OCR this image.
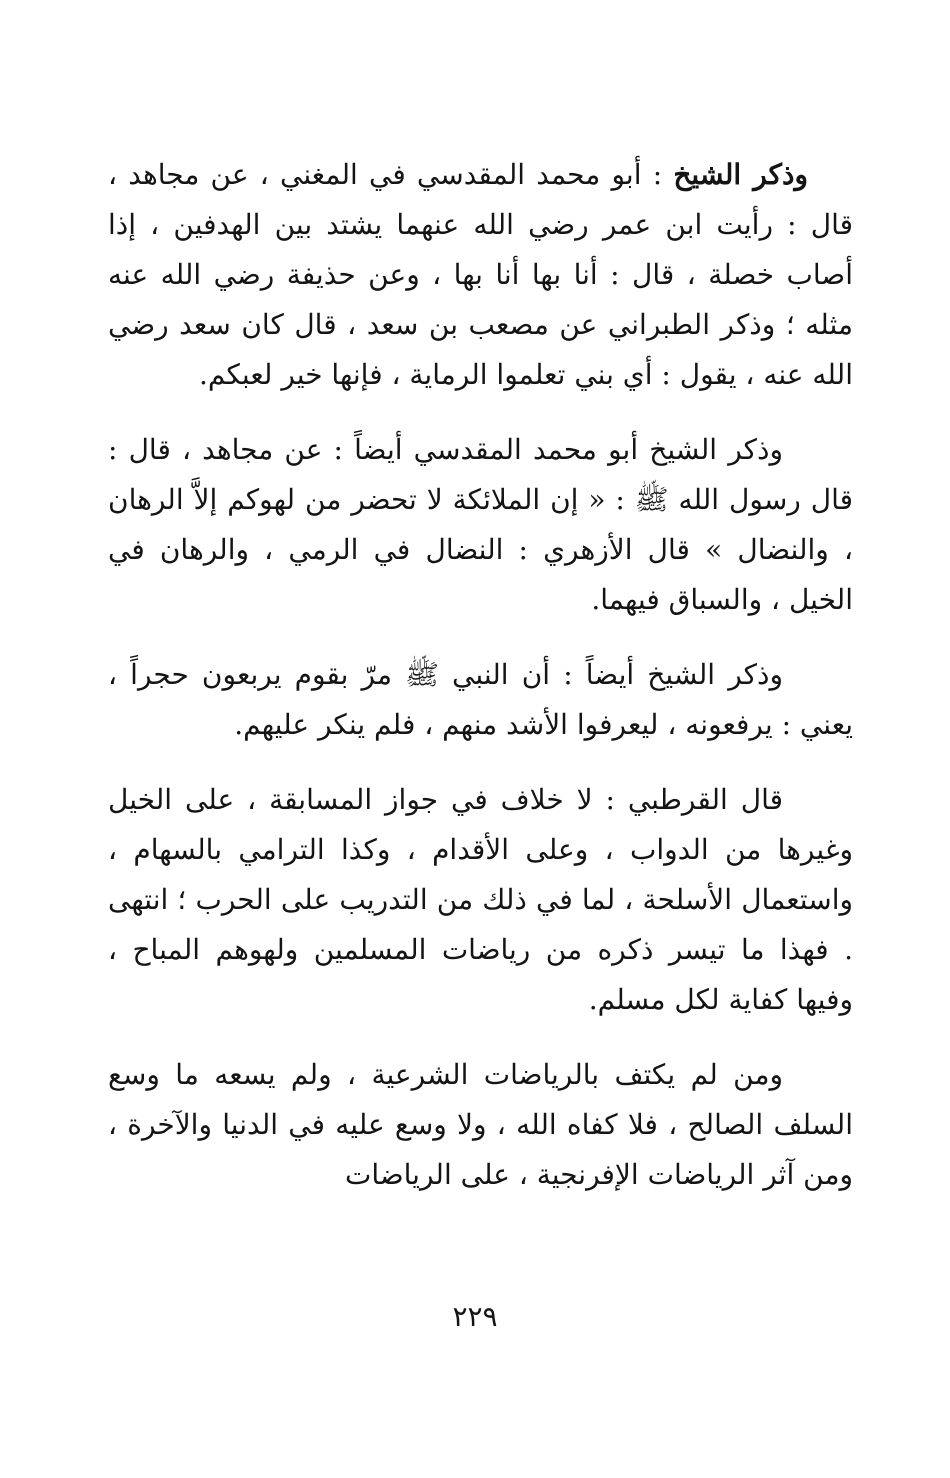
وذكر الشيخ : أبو محمد المقدسي في المغني ، عن مجاهد ، قال : رأيت ابن عمر رضي الله عنهما يشتد بين الهدفين ، إذا أصاب خصلة ، قال : أنا بها أنا بها ، وعن حذيفة رضي الله عنه مثله ؛ وذكر الطبراني عن مصعب بن سعد ، قال كان سعد رضي الله عنه ، يقول : أي بني تعلموا الرماية ، فإنها خير لعبكم.

وذكر الشيخ أبو محمد المقدسي أيضاً : عن مجاهد ، قال : قال رسول الله ﷺ : « إن الملائكة لا تحضر من لهوكم إلاَّ الرهان ، والنضال » قال الأزهري : النضال في الرمي ، والرهان في الخيل ، والسباق فيهما.

وذكر الشيخ أيضاً : أن النبي ﷺ مرّ بقوم يربعون حجراً ، يعني : يرفعونه ، ليعرفوا الأشد منهم ، فلم ينكر عليهم.

قال القرطبي : لا خلاف في جواز المسابقة ، على الخيل وغيرها من الدواب ، وعلى الأقدام ، وكذا الترامي بالسهام ، واستعمال الأسلحة ، لما في ذلك من التدريب على الحرب ؛ انتهى . فهذا ما تيسر ذكره من رياضات المسلمين ولهوهم المباح ، وفيها كفاية لكل مسلم.

ومن لم يكتف بالرياضات الشرعية ، ولم يسعه ما وسع السلف الصالح ، فلا كفاه الله ، ولا وسع عليه في الدنيا والآخرة ، ومن آثر الرياضات الإفرنجية ، على الرياضات

٢٢٩
